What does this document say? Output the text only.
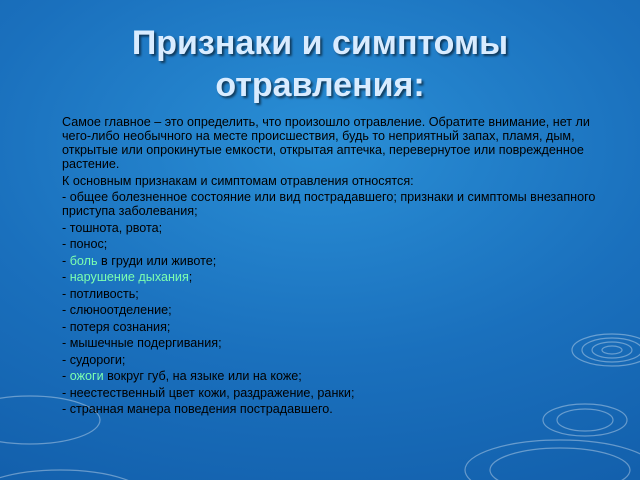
Признаки и симптомы
отравления:

Самое главное – это определить, что произошло отравление. Обратите внимание, нет ли чего-либо необычного на месте происшествия, будь то неприятный запах, пламя, дым, открытые или опрокинутые емкости, открытая аптечка, перевернутое или поврежденное растение.

К основным признакам и симптомам отравления относятся:

- общее болезненное состояние или вид пострадавшего; признаки и симптомы внезапного приступа заболевания;

- тошнота, рвота;

- понос;

- боль в груди или животе;

- нарушение дыхания;

- потливость;

- слюноотделение;

- потеря сознания;

- мышечные подергивания;

- судороги;

- ожоги вокруг губ, на языке или на коже;

- неестественный цвет кожи, раздражение, ранки;

- странная манера поведения пострадавшего.
